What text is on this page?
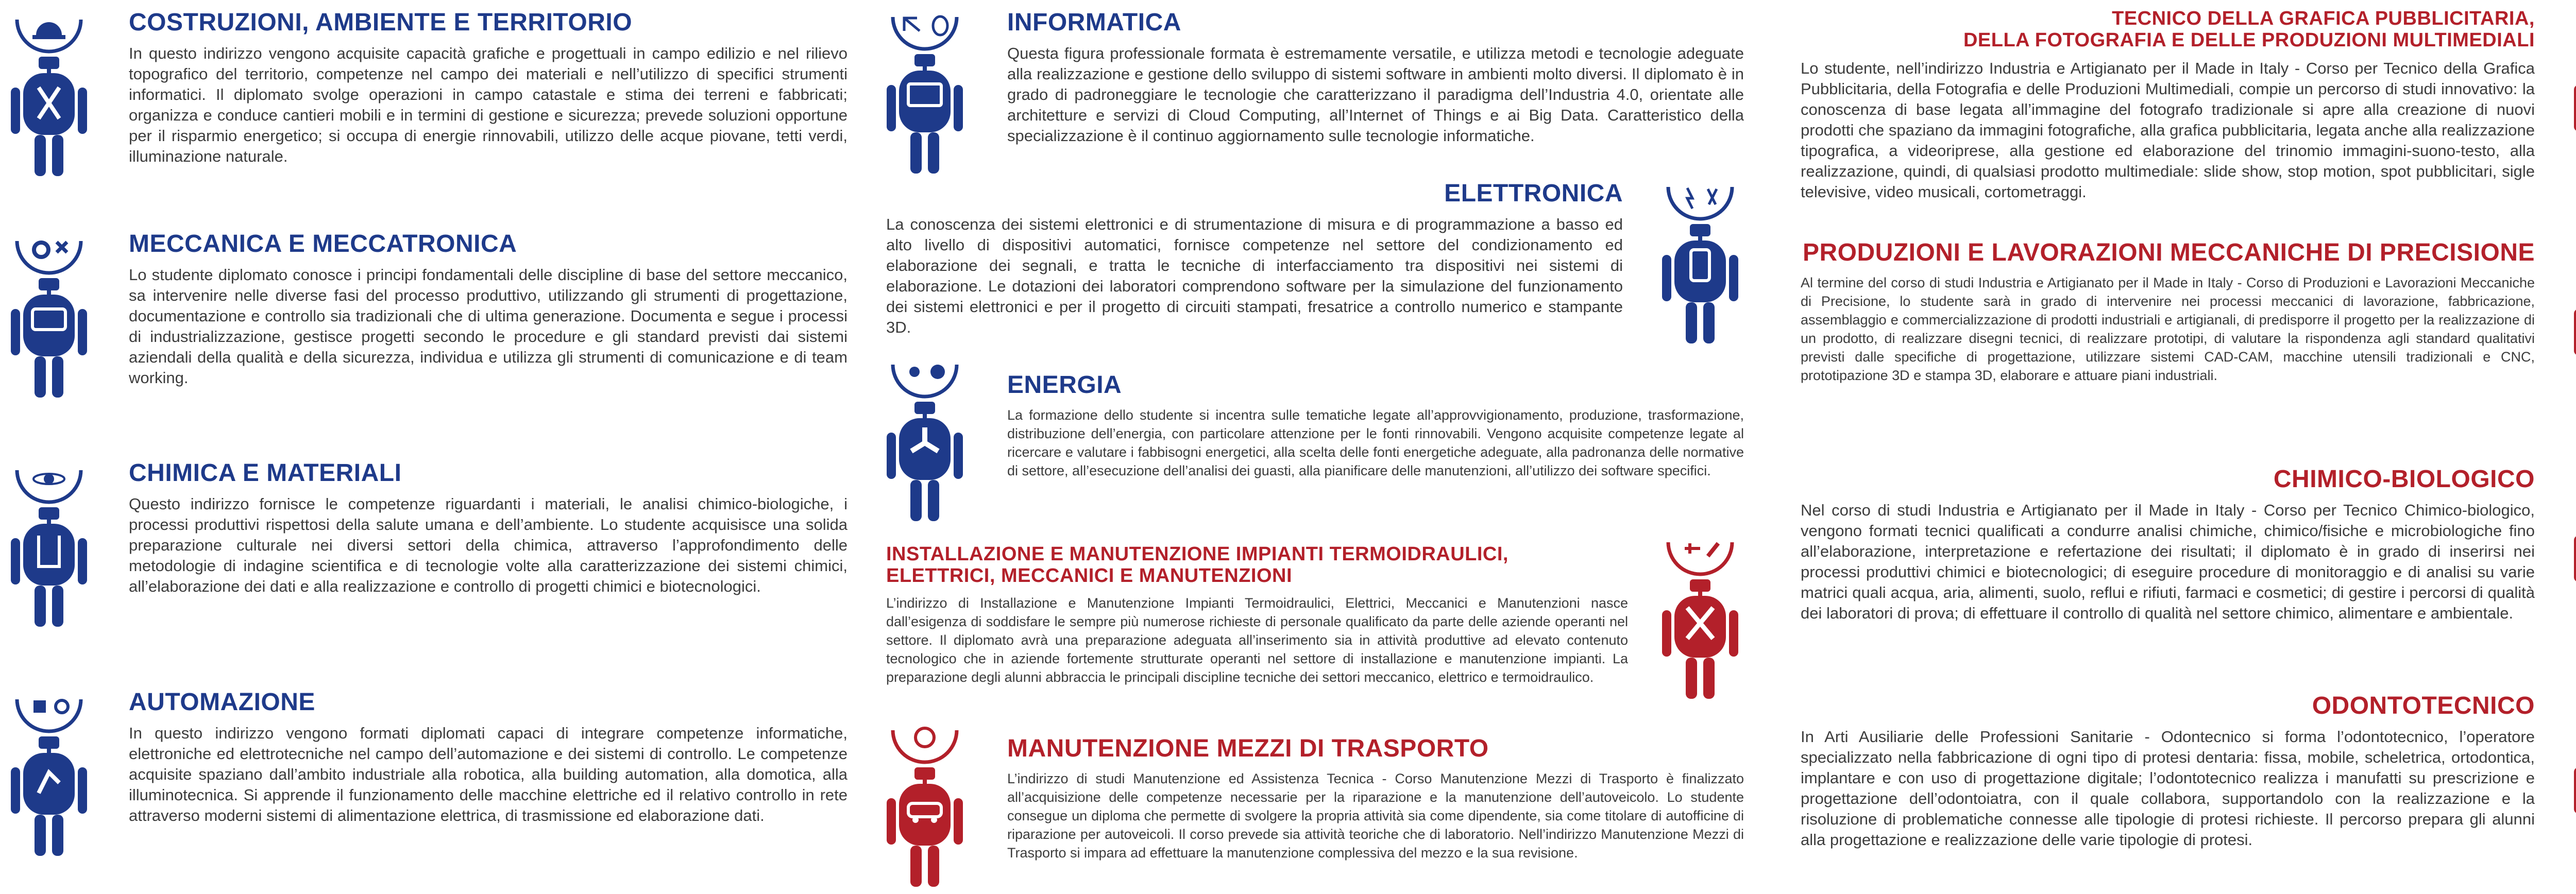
COSTRUZIONI, AMBIENTE E TERRITORIO

In questo indirizzo vengono acquisite capacità grafiche e progettuali in campo edilizio e nel rilievo topografico del territorio, competenze nel campo dei materiali e nell’utilizzo di specifici strumenti informatici. Il diplomato svolge operazioni in campo catastale e stima dei terreni e fabbricati; organizza e conduce cantieri mobili e in termini di gestione e sicurezza; prevede soluzioni opportune per il risparmio energetico; si occupa di energie rinnovabili, utilizzo delle acque piovane, tetti verdi, illuminazione naturale.

MECCANICA E MECCATRONICA

Lo studente diplomato conosce i principi fondamentali delle discipline di base del settore meccanico, sa intervenire nelle diverse fasi del processo produttivo, utilizzando gli strumenti di progettazione, documentazione e controllo sia tradizionali che di ultima generazione. Documenta e segue i processi di industrializzazione, gestisce progetti secondo le procedure e gli standard previsti dai sistemi aziendali della qualità e della sicurezza, individua e utilizza gli strumenti di comunicazione e di team working.

CHIMICA E MATERIALI

Questo indirizzo fornisce le competenze riguardanti i materiali, le analisi chimico-biologiche, i processi produttivi rispettosi della salute umana e dell’ambiente. Lo studente acquisisce una solida preparazione culturale nei diversi settori della chimica, attraverso l’approfondimento delle metodologie di indagine scientifica e di tecnologie volte alla caratterizzazione dei sistemi chimici, all’elaborazione dei dati e alla realizzazione e controllo di progetti chimici e biotecnologici.

AUTOMAZIONE

In questo indirizzo vengono formati diplomati capaci di integrare competenze informatiche, elettroniche ed elettrotecniche nel campo dell’automazione e dei sistemi di controllo. Le competenze acquisite spaziano dall’ambito industriale alla robotica, alla building automation, alla domotica, alla illuminotecnica. Si apprende il funzionamento delle macchine elettriche ed il relativo controllo in rete attraverso moderni sistemi di alimentazione elettrica, di trasmissione ed elaborazione dati.

INFORMATICA

Questa figura professionale formata è estremamente versatile, e utilizza metodi e tecnologie adeguate alla realizzazione e gestione dello sviluppo di sistemi software in ambienti molto diversi. Il diplomato è in grado di padroneggiare le tecnologie che caratterizzano il paradigma dell’Industria 4.0, orientate alle architetture e servizi di Cloud Computing, all’Internet of Things e ai Big Data. Caratteristico della specializzazione è il continuo aggiornamento sulle tecnologie informatiche.

ELETTRONICA

La conoscenza dei sistemi elettronici e di strumentazione di misura e di programmazione a basso ed alto livello di dispositivi automatici, fornisce competenze nel settore del condizionamento ed elaborazione dei segnali, e tratta le tecniche di interfacciamento tra dispositivi nei sistemi di elaborazione. Le dotazioni dei laboratori comprendono software per la simulazione del funzionamento dei sistemi elettronici e per il progetto di circuiti stampati, fresatrice a controllo numerico e stampante 3D.

ENERGIA

La formazione dello studente si incentra sulle tematiche legate all’approvvigionamento, produzione, trasformazione, distribuzione dell’energia, con particolare attenzione per le fonti rinnovabili. Vengono acquisite competenze legate al ricercare e valutare i fabbisogni energetici, alla scelta delle fonti energetiche adeguate, alla padronanza delle normative di settore, all’esecuzione dell’analisi dei guasti, alla pianificare delle manutenzioni, all’utilizzo dei software specifici.

INSTALLAZIONE E MANUTENZIONE IMPIANTI TERMOIDRAULICI,
ELETTRICI, MECCANICI E MANUTENZIONI

L’indirizzo di Installazione e Manutenzione Impianti Termoidraulici, Elettrici, Meccanici e Manutenzioni nasce dall’esigenza di soddisfare le sempre più numerose richieste di personale qualificato da parte delle aziende operanti nel settore. Il diplomato avrà una preparazione adeguata all’inserimento sia in attività produttive ad elevato contenuto tecnologico che in aziende fortemente strutturate operanti nel settore di installazione e manutenzione impianti. La preparazione degli alunni abbraccia le principali discipline tecniche dei settori meccanico, elettrico e termoidraulico.

MANUTENZIONE MEZZI DI TRASPORTO

L’indirizzo di studi Manutenzione ed Assistenza Tecnica - Corso Manutenzione Mezzi di Trasporto è finalizzato all’acquisizione delle competenze necessarie per la riparazione e la manutenzione dell’autoveicolo. Lo studente consegue un diploma che permette di svolgere la propria attività sia come dipendente, sia come titolare di autofficine di riparazione per autoveicoli. Il corso prevede sia attività teoriche che di laboratorio. Nell’indirizzo Manutenzione Mezzi di Trasporto si impara ad effettuare la manutenzione complessiva del mezzo e la sua revisione.

TECNICO DELLA GRAFICA PUBBLICITARIA,
DELLA FOTOGRAFIA E DELLE PRODUZIONI MULTIMEDIALI

Lo studente, nell’indirizzo Industria e Artigianato per il Made in Italy - Corso per Tecnico della Grafica Pubblicitaria, della Fotografia e delle Produzioni Multimediali, compie un percorso di studi innovativo: la conoscenza di base legata all’immagine del fotografo tradizionale si apre alla creazione di nuovi prodotti che spaziano da immagini fotografiche, alla grafica pubblicitaria, legata anche alla realizzazione tipografica, a videoriprese, alla gestione ed elaborazione del trinomio immagini-suono-testo, alla realizzazione, quindi, di qualsiasi prodotto multimediale: slide show, stop motion, spot pubblicitari, sigle televisive, video musicali, cortometraggi.

PRODUZIONI E LAVORAZIONI MECCANICHE DI PRECISIONE

Al termine del corso di studi Industria e Artigianato per il Made in Italy - Corso di Produzioni e Lavorazioni Meccaniche di Precisione, lo studente sarà in grado di intervenire nei processi meccanici di lavorazione, fabbricazione, assemblaggio e commercializzazione di prodotti industriali e artigianali, di predisporre il progetto per la realizzazione di un prodotto, di realizzare disegni tecnici, di realizzare prototipi, di valutare la rispondenza agli standard qualitativi previsti dalle specifiche di progettazione, utilizzare sistemi CAD-CAM, macchine utensili tradizionali e CNC, prototipazione 3D e stampa 3D, elaborare e attuare piani industriali.

CHIMICO-BIOLOGICO

Nel corso di studi Industria e Artigianato per il Made in Italy - Corso per Tecnico Chimico-biologico, vengono formati tecnici qualificati a condurre analisi chimiche, chimico/fisiche e microbiologiche fino all’elaborazione, interpretazione e refertazione dei risultati; il diplomato è in grado di inserirsi nei processi produttivi chimici e biotecnologici; di eseguire procedure di monitoraggio e di analisi su varie matrici quali acqua, aria, alimenti, suolo, reflui e rifiuti, farmaci e cosmetici; di gestire i percorsi di qualità dei laboratori di prova; di effettuare il controllo di qualità nel settore chimico, alimentare e ambientale.

ODONTOTECNICO

In Arti Ausiliarie delle Professioni Sanitarie - Odontecnico si forma l’odontotecnico, l’operatore specializzato nella fabbricazione di ogni tipo di protesi dentaria: fissa, mobile, scheletrica, ortodontica, implantare e con uso di progettazione digitale; l’odontotecnico realizza i manufatti su prescrizione e progettazione dell’odontoiatra, con il quale collabora, supportandolo con la realizzazione e la risoluzione di problematiche connesse alle tipologie di protesi richieste. Il percorso prepara gli alunni alla progettazione e realizzazione delle varie tipologie di protesi.
